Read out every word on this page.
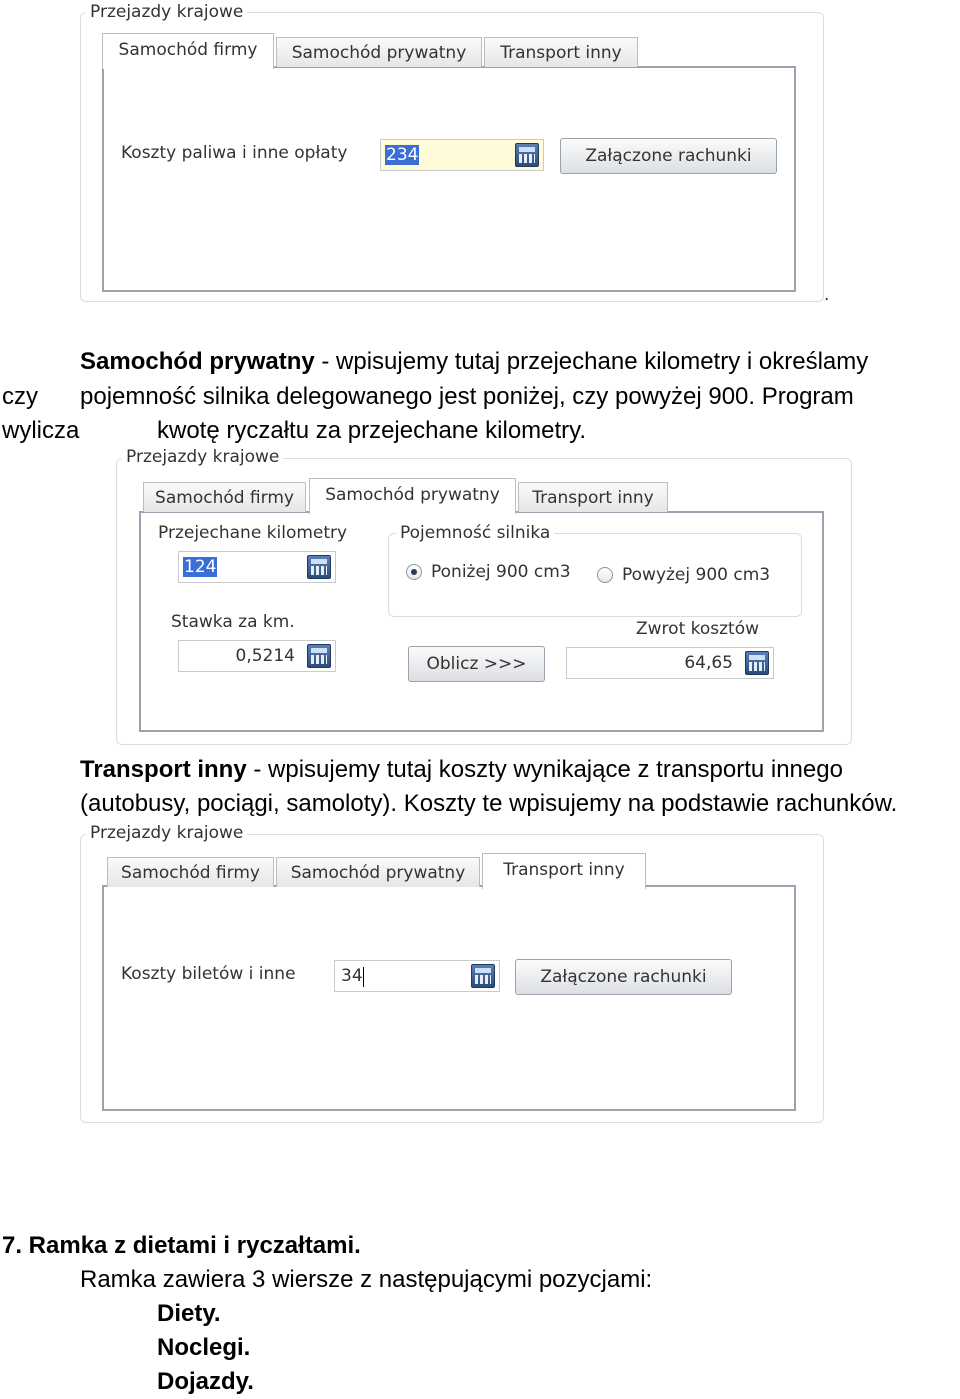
Przejazdy krajowe
Samochód firmy	Samochód prywatny	Transport inny
Koszty paliwa i inne opłaty 234	Załączone rachunki
.
Samochód prywatny - wpisujemy tutaj przejechane kilometry i określamy
czy pojemność silnika delegowanego jest poniżej, czy powyżej 900. Program
wylicza	kwotę ryczałtu za przejechane kilometry.
Przejazdy krajowe
Samochód firmy	Samochód prywatny	Transport inny
Przejechane kilometry
124
Pojemność silnika
Poniżej 900 cm3	Powyżej 900 cm3
Stawka za km.
0,5214	Oblicz >>>
Zwrot kosztów
64,65
Transport inny - wpisujemy tutaj koszty wynikające z transportu innego
(autobusy, pociągi, samoloty). Koszty te wpisujemy na podstawie rachunków.
Przejazdy krajowe
Samochód firmy	Samochód prywatny	Transport inny
Koszty biletów i inne	34	Załączone rachunki
7. Ramka z dietami i ryczałtami.
Ramka zawiera 3 wiersze z następującymi pozycjami:
Diety.
Noclegi.
Dojazdy.
